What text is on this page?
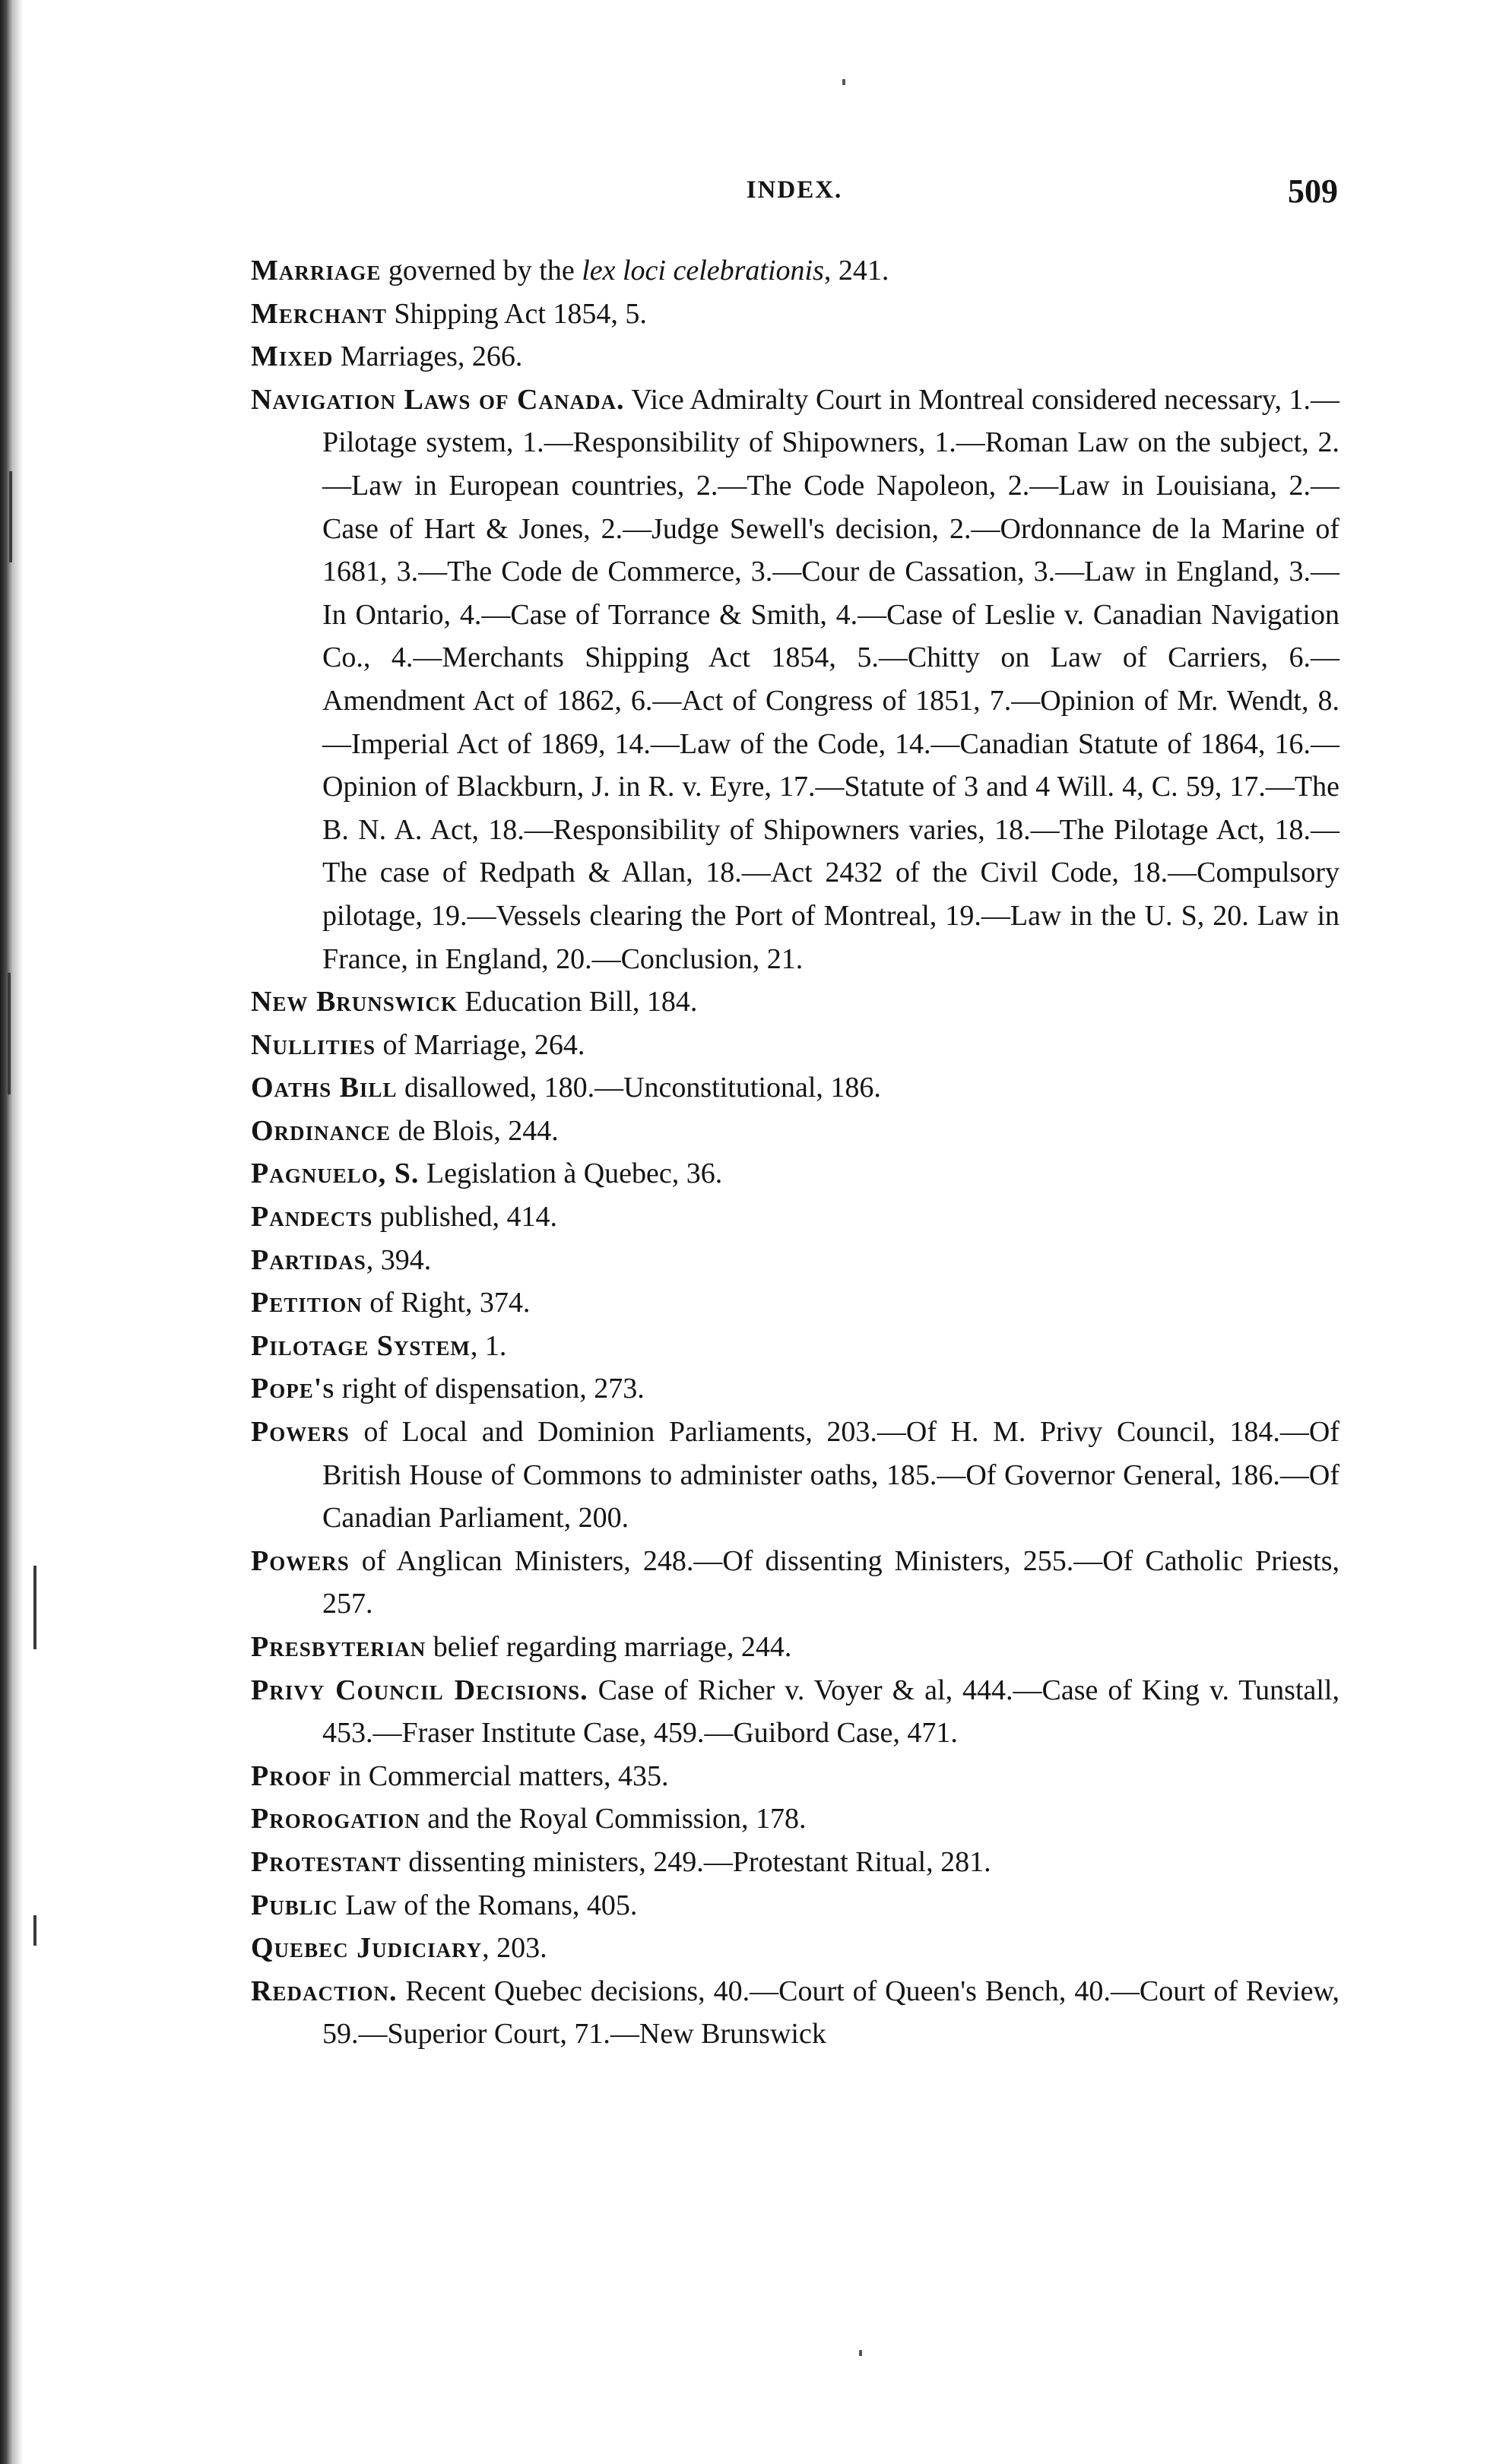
INDEX.	509
Marriage governed by the lex loci celebrationis, 241.
Merchant Shipping Act 1854, 5.
Mixed Marriages, 266.
Navigation Laws of Canada. Vice Admiralty Court in Montreal considered necessary, 1.—Pilotage system, 1.—Responsibility of Shipowners, 1.—Roman Law on the subject, 2.—Law in European countries, 2.—The Code Napoleon, 2.—Law in Louisiana, 2.—Case of Hart & Jones, 2.—Judge Sewell's decision, 2.—Ordonnance de la Marine of 1681, 3.—The Code de Commerce, 3.—Cour de Cassation, 3.—Law in England, 3.—In Ontario, 4.—Case of Torrance & Smith, 4.—Case of Leslie v. Canadian Navigation Co., 4.—Merchants Shipping Act 1854, 5.—Chitty on Law of Carriers, 6.—Amendment Act of 1862, 6.—Act of Congress of 1851, 7.—Opinion of Mr. Wendt, 8.—Imperial Act of 1869, 14.—Law of the Code, 14.—Canadian Statute of 1864, 16.—Opinion of Blackburn, J. in R. v. Eyre, 17.—Statute of 3 and 4 Will. 4, C. 59, 17.—The B. N. A. Act, 18.—Responsibility of Shipowners varies, 18.—The Pilotage Act, 18.—The case of Redpath & Allan, 18.—Act 2432 of the Civil Code, 18.—Compulsory pilotage, 19.—Vessels clearing the Port of Montreal, 19.—Law in the U. S, 20. Law in France, in England, 20.—Conclusion, 21.
New Brunswick Education Bill, 184.
Nullities of Marriage, 264.
Oaths Bill disallowed, 180.—Unconstitutional, 186.
Ordinance de Blois, 244.
Pagnuelo, S. Legislation à Quebec, 36.
Pandects published, 414.
Partidas, 394.
Petition of Right, 374.
Pilotage System, 1.
Pope's right of dispensation, 273.
Powers of Local and Dominion Parliaments, 203.—Of H. M. Privy Council, 184.—Of British House of Commons to administer oaths, 185.—Of Governor General, 186.—Of Canadian Parliament, 200.
Powers of Anglican Ministers, 248.—Of dissenting Ministers, 255.—Of Catholic Priests, 257.
Presbyterian belief regarding marriage, 244.
Privy Council Decisions. Case of Richer v. Voyer & al, 444.—Case of King v. Tunstall, 453.—Fraser Institute Case, 459.—Guibord Case, 471.
Proof in Commercial matters, 435.
Prorogation and the Royal Commission, 178.
Protestant dissenting ministers, 249.—Protestant Ritual, 281.
Public Law of the Romans, 405.
Quebec Judiciary, 203.
Redaction. Recent Quebec decisions, 40.—Court of Queen's Bench, 40.—Court of Review, 59.—Superior Court, 71.—New Brunswick
